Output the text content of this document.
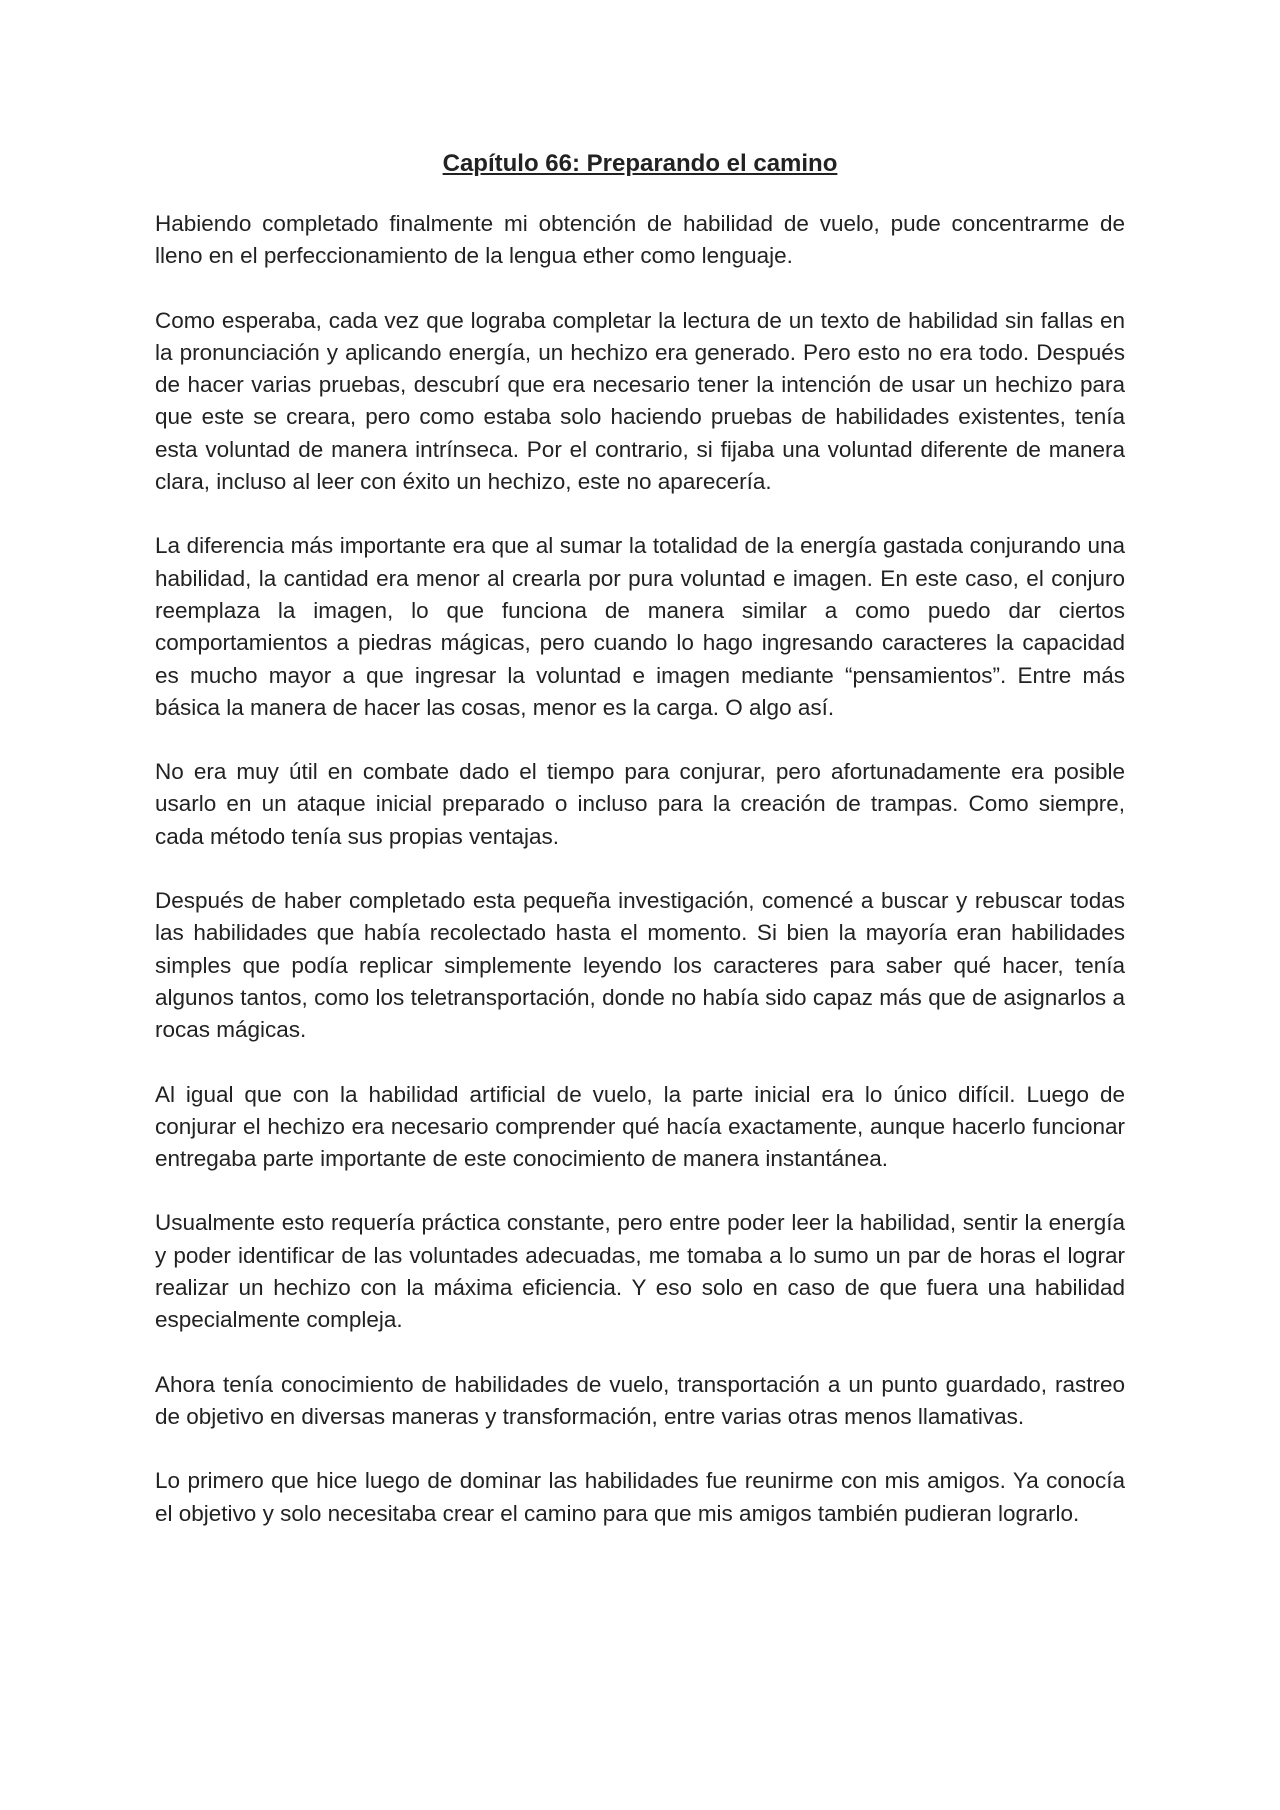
Capítulo 66: Preparando el camino

Habiendo completado finalmente mi obtención de habilidad de vuelo, pude concentrarme de lleno en el perfeccionamiento de la lengua ether como lenguaje.

Como esperaba, cada vez que lograba completar la lectura de un texto de habilidad sin fallas en la pronunciación y aplicando energía, un hechizo era generado. Pero esto no era todo. Después de hacer varias pruebas, descubrí que era necesario tener la intención de usar un hechizo para que este se creara, pero como estaba solo haciendo pruebas de habilidades existentes, tenía esta voluntad de manera intrínseca. Por el contrario, si fijaba una voluntad diferente de manera clara, incluso al leer con éxito un hechizo, este no aparecería.

La diferencia más importante era que al sumar la totalidad de la energía gastada conjurando una habilidad, la cantidad era menor al crearla por pura voluntad e imagen. En este caso, el conjuro reemplaza la imagen, lo que funciona de manera similar a como puedo dar ciertos comportamientos a piedras mágicas, pero cuando lo hago ingresando caracteres la capacidad es mucho mayor a que ingresar la voluntad e imagen mediante “pensamientos”. Entre más básica la manera de hacer las cosas, menor es la carga. O algo así.

No era muy útil en combate dado el tiempo para conjurar, pero afortunadamente era posible usarlo en un ataque inicial preparado o incluso para la creación de trampas. Como siempre, cada método tenía sus propias ventajas.

Después de haber completado esta pequeña investigación, comencé a buscar y rebuscar todas las habilidades que había recolectado hasta el momento. Si bien la mayoría eran habilidades simples que podía replicar simplemente leyendo los caracteres para saber qué hacer, tenía algunos tantos, como los teletransportación, donde no había sido capaz más que de asignarlos a rocas mágicas.

Al igual que con la habilidad artificial de vuelo, la parte inicial era lo único difícil. Luego de conjurar el hechizo era necesario comprender qué hacía exactamente, aunque hacerlo funcionar entregaba parte importante de este conocimiento de manera instantánea.

Usualmente esto requería práctica constante, pero entre poder leer la habilidad, sentir la energía y poder identificar de las voluntades adecuadas, me tomaba a lo sumo un par de horas el lograr realizar un hechizo con la máxima eficiencia. Y eso solo en caso de que fuera una habilidad especialmente compleja.

Ahora tenía conocimiento de habilidades de vuelo, transportación a un punto guardado, rastreo de objetivo en diversas maneras y transformación, entre varias otras menos llamativas.

Lo primero que hice luego de dominar las habilidades fue reunirme con mis amigos. Ya conocía el objetivo y solo necesitaba crear el camino para que mis amigos también pudieran lograrlo.
